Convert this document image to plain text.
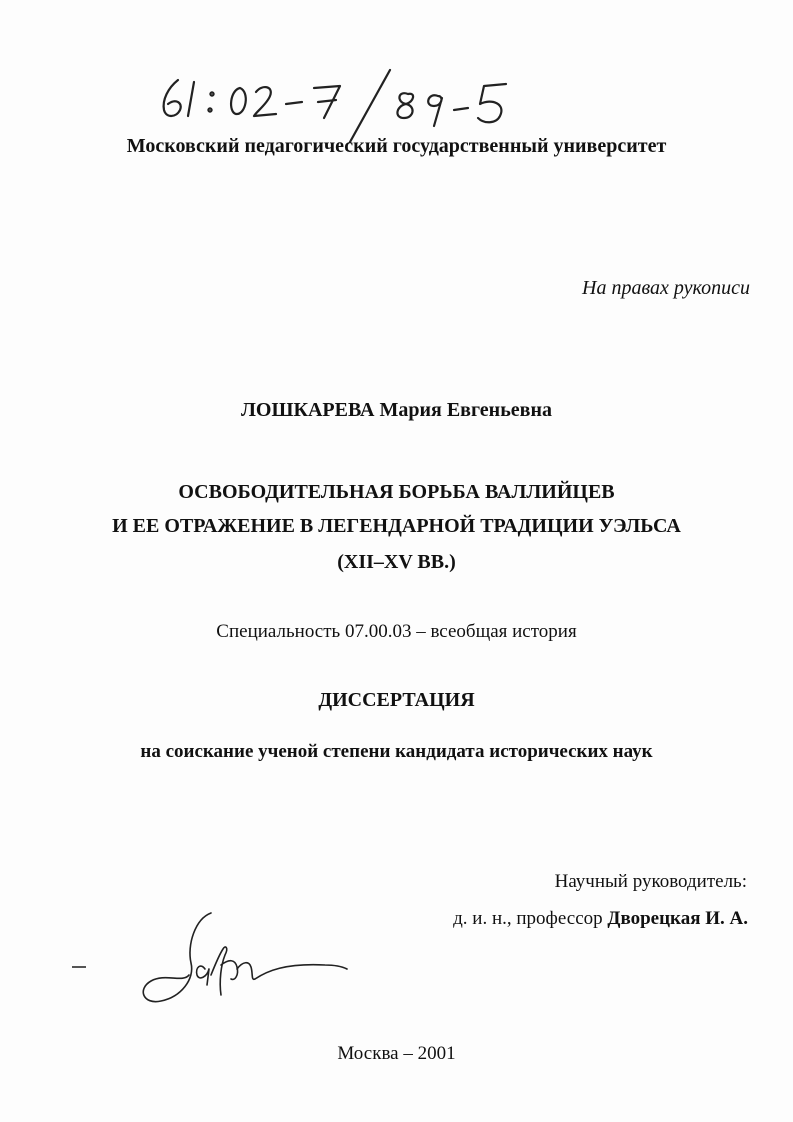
Московский педагогический государственный университет
На правах рукописи
ЛОШКАРЕВА Мария Евгеньевна
ОСВОБОДИТЕЛЬНАЯ БОРЬБА ВАЛЛИЙЦЕВ
И ЕЕ ОТРАЖЕНИЕ В ЛЕГЕНДАРНОЙ ТРАДИЦИИ УЭЛЬСА
(XII–XV ВВ.)
Специальность 07.00.03 – всеобщая история
ДИССЕРТАЦИЯ
на соискание ученой степени кандидата исторических наук
Научный руководитель:
д. и. н., профессор Дворецкая И. А.
Москва – 2001
